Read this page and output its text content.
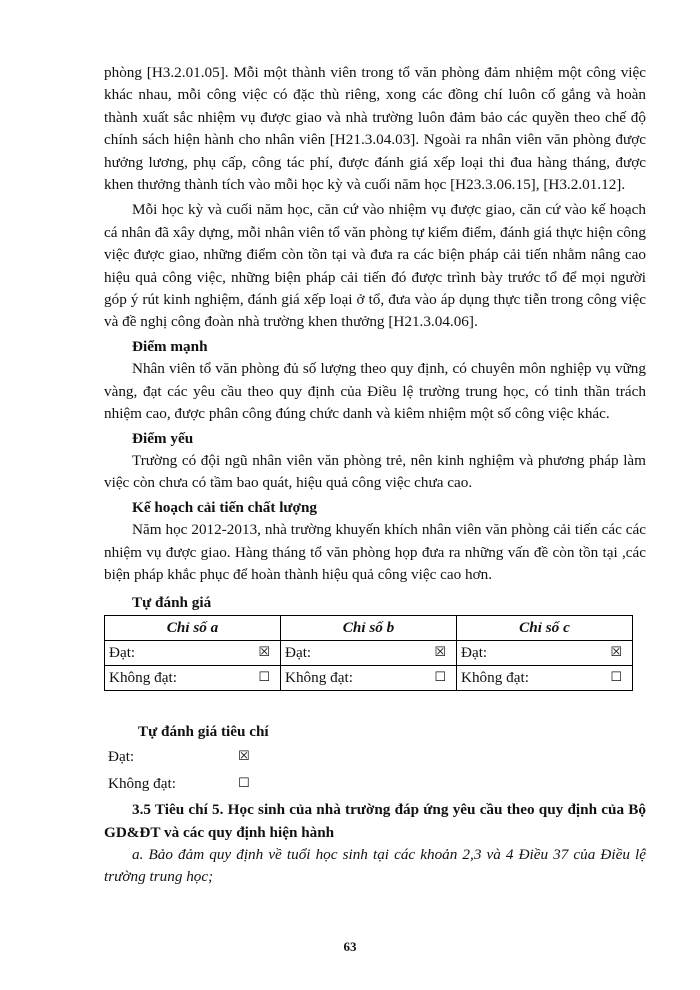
phòng [H3.2.01.05]. Mỗi một thành viên trong tổ văn phòng đảm nhiệm một công việc khác nhau, mỗi công việc có đặc thù riêng, xong các đồng chí luôn cố gắng và hoàn thành xuất sắc nhiệm vụ được giao và nhà trường luôn đảm bảo các quyền theo chế độ chính sách hiện hành cho nhân viên [H21.3.04.03]. Ngoài ra nhân viên văn phòng được hưởng lương, phụ cấp, công tác phí, được đánh giá xếp loại thi đua hàng tháng, được khen thưởng thành tích vào mỗi học kỳ và cuối năm học [H23.3.06.15], [H3.2.01.12].

Mỗi học kỳ và cuối năm học, căn cứ vào nhiệm vụ được giao, căn cứ vào kế hoạch cá nhân đã xây dựng, mỗi nhân viên tổ văn phòng tự kiểm điểm, đánh giá thực hiện công việc được giao, những điểm còn tồn tại và đưa ra các biện pháp cải tiến nhằm nâng cao hiệu quả công việc, những biện pháp cải tiến đó được trình bày trước tổ để mọi người góp ý rút kinh nghiệm, đánh giá xếp loại ở tổ, đưa vào áp dụng thực tiễn trong công việc và đề nghị công đoàn nhà trường khen thưởng [H21.3.04.06].

Điểm mạnh

Nhân viên tổ văn phòng đủ số lượng theo quy định, có chuyên môn nghiệp vụ vững vàng, đạt các yêu cầu theo quy định của Điều lệ trường trung học, có tinh thần trách nhiệm cao, được phân công đúng chức danh và kiêm nhiệm một số công việc khác.

Điểm yếu

Trường có đội ngũ nhân viên văn phòng trẻ, nên kinh nghiệm và phương pháp làm việc còn chưa có tầm bao quát, hiệu quả công việc chưa cao.

Kế hoạch cải tiến chất lượng

Năm học 2012-2013, nhà trường khuyến khích nhân viên văn phòng cải tiến các các nhiệm vụ được giao. Hàng tháng tổ văn phòng họp đưa ra những vấn đề còn tồn tại ,các biện pháp khắc phục để hoàn thành hiệu quả công việc cao hơn.

Tự đánh giá
Chỉ số a	Chỉ số b	Chỉ số c

Đạt: ☒	Đạt: ☒	Đạt: ☒

Không đạt: ☐	Không đạt: ☐	Không đạt: ☐
Tự đánh giá tiêu chí
Đạt:	☒
Không đạt:	☐
3.5 Tiêu chí 5. Học sinh của nhà trường đáp ứng yêu cầu theo quy định của Bộ GD&ĐT và các quy định hiện hành

a. Bảo đảm quy định về tuổi học sinh tại các khoản 2,3 và 4 Điều 37 của Điều lệ trường trung học;

63
